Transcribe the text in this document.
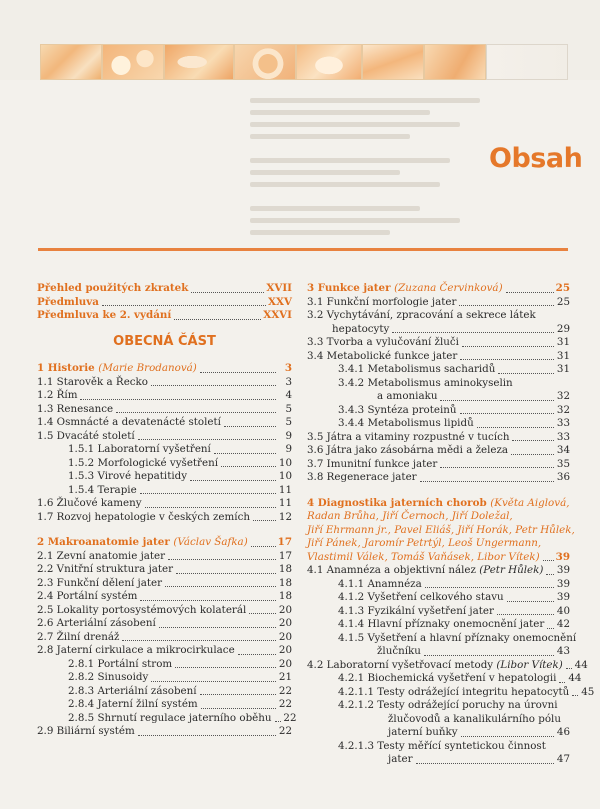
Obsah
Přehled použitých zkratek	XVII
Předmluva	XXV
Předmluva ke 2. vydání	XXVI
OBECNÁ ČÁST
1 Historie (Marie Brodanová)	3
1.1 Starověk a Řecko	3
1.2 Řím	4
1.3 Renesance	5
1.4 Osmnácté a devatenácté století	5
1.5 Dvacáté století	9
1.5.1 Laboratorní vyšetření	9
1.5.2 Morfologické vyšetření	10
1.5.3 Virové hepatitidy	10
1.5.4 Terapie	11
1.6 Žlučové kameny	11
1.7 Rozvoj hepatologie v českých zemích	12
2 Makroanatomie jater (Václav Šafka)	17
2.1 Zevní anatomie jater	17
2.2 Vnitřní struktura jater	18
2.3 Funkční dělení jater	18
2.4 Portální systém	18
2.5 Lokality portosystémových kolaterál	20
2.6 Arteriální zásobení	20
2.7 Žilní drenáž	20
2.8 Jaterní cirkulace a mikrocirkulace	20
2.8.1 Portální strom	20
2.8.2 Sinusoidy	21
2.8.3 Arteriální zásobení	22
2.8.4 Jaterní žilní systém	22
2.8.5 Shrnutí regulace jaterního oběhu 22
2.9 Biliární systém	22
3 Funkce jater (Zuzana Červinková)	25
3.1 Funkční morfologie jater	25
3.2 Vychytávání, zpracování a sekrece látek
hepatocyty	29
3.3 Tvorba a vylučování žluči	31
3.4 Metabolické funkce jater	31
3.4.1 Metabolismus sacharidů	31
3.4.2 Metabolismus aminokyselin
a amoniaku	32
3.4.3 Syntéza proteinů	32
3.4.4 Metabolismus lipidů	33
3.5 Játra a vitaminy rozpustné v tucích	33
3.6 Játra jako zásobárna mědi a železa	34
3.7 Imunitní funkce jater	35
3.8 Regenerace jater	36
4 Diagnostika jaterních chorob (Květa Aiglová,
Radan Brůha, Jiří Černoch, Jiří Doležal,
Jiří Ehrmann jr., Pavel Eliáš, Jiří Horák, Petr Hůlek,
Jiří Pánek, Jaromír Petrtýl, Leoš Ungermann,
Vlastimil Válek, Tomáš Vaňásek, Libor Vítek) 39
4.1 Anamnéza a objektivní nález (Petr Hůlek) 39
4.1.1 Anamnéza	39
4.1.2 Vyšetření celkového stavu	39
4.1.3 Fyzikální vyšetření jater	40
4.1.4 Hlavní příznaky onemocnění jater 42
4.1.5 Vyšetření a hlavní příznaky onemocnění
žlučníku	43
4.2 Laboratorní vyšetřovací metody (Libor Vítek) 44
4.2.1 Biochemická vyšetření v hepatologii 44
4.2.1.1 Testy odrážející integritu hepatocytů 45
4.2.1.2 Testy odrážející poruchy na úrovni
žlučovodů a kanalikulárního pólu
jaterní buňky	46
4.2.1.3 Testy měřící syntetickou činnost
jater	47
